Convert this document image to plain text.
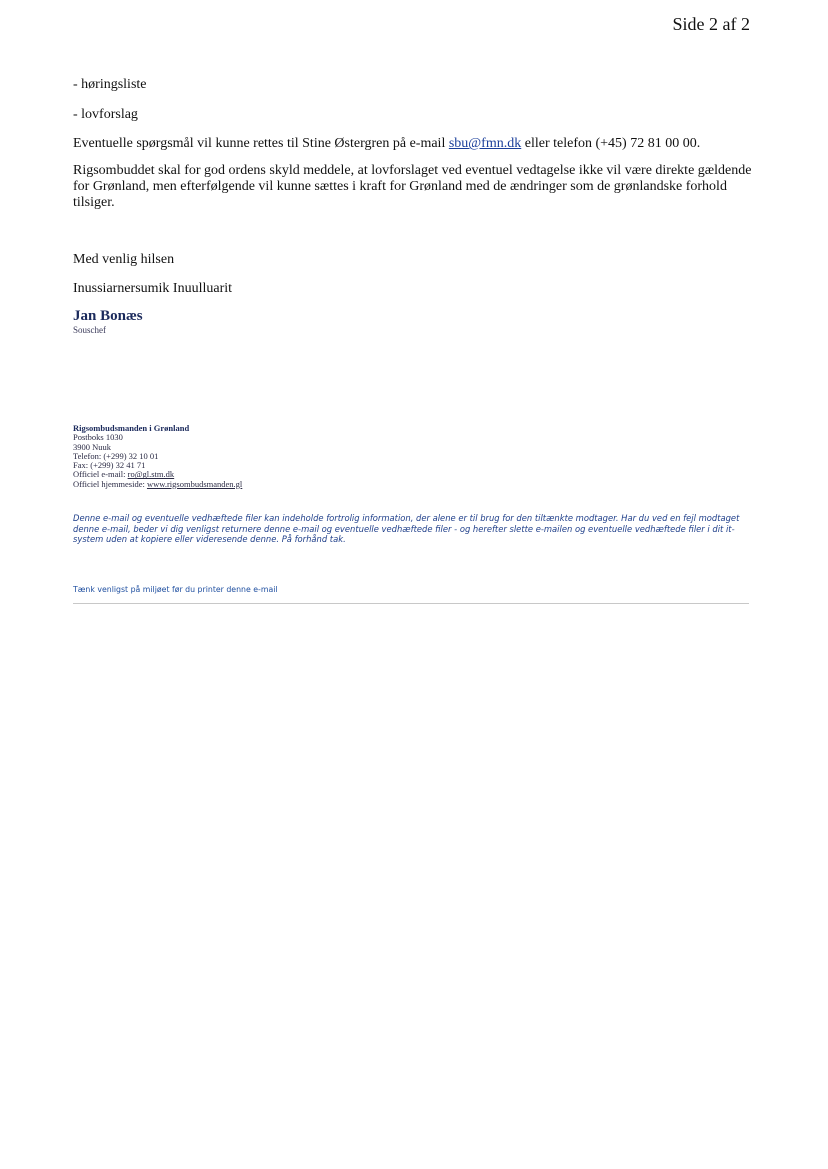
Side 2 af 2

- høringsliste

- lovforslag

Eventuelle spørgsmål vil kunne rettes til Stine Østergren på e-mail sbu@fmn.dk eller telefon (+45) 72 81 00 00.

Rigsombuddet skal for god ordens skyld meddele, at lovforslaget ved eventuel vedtagelse ikke vil være direkte gældende for Grønland, men efterfølgende vil kunne sættes i kraft for Grønland med de ændringer som de grønlandske forhold tilsiger.

Med venlig hilsen

Inussiarnersumik Inuulluarit

Jan Bonæs

Souschef

Rigsombudsmanden i Grønland
Postboks 1030
3900 Nuuk
Telefon: (+299) 32 10 01
Fax: (+299) 32 41 71
Officiel e-mail: ro@gl.stm.dk
Officiel hjemmeside: www.rigsombudsmanden.gl
Denne e-mail og eventuelle vedhæftede filer kan indeholde fortrolig information, der alene er til brug for den tiltænkte modtager. Har du ved en fejl modtaget denne e-mail, beder vi dig venligst returnere denne e-mail og eventuelle vedhæftede filer - og herefter slette e-mailen og eventuelle vedhæftede filer i dit it-system uden at kopiere eller videresende denne. På forhånd tak.
Tænk venligst på miljøet før du printer denne e-mail
